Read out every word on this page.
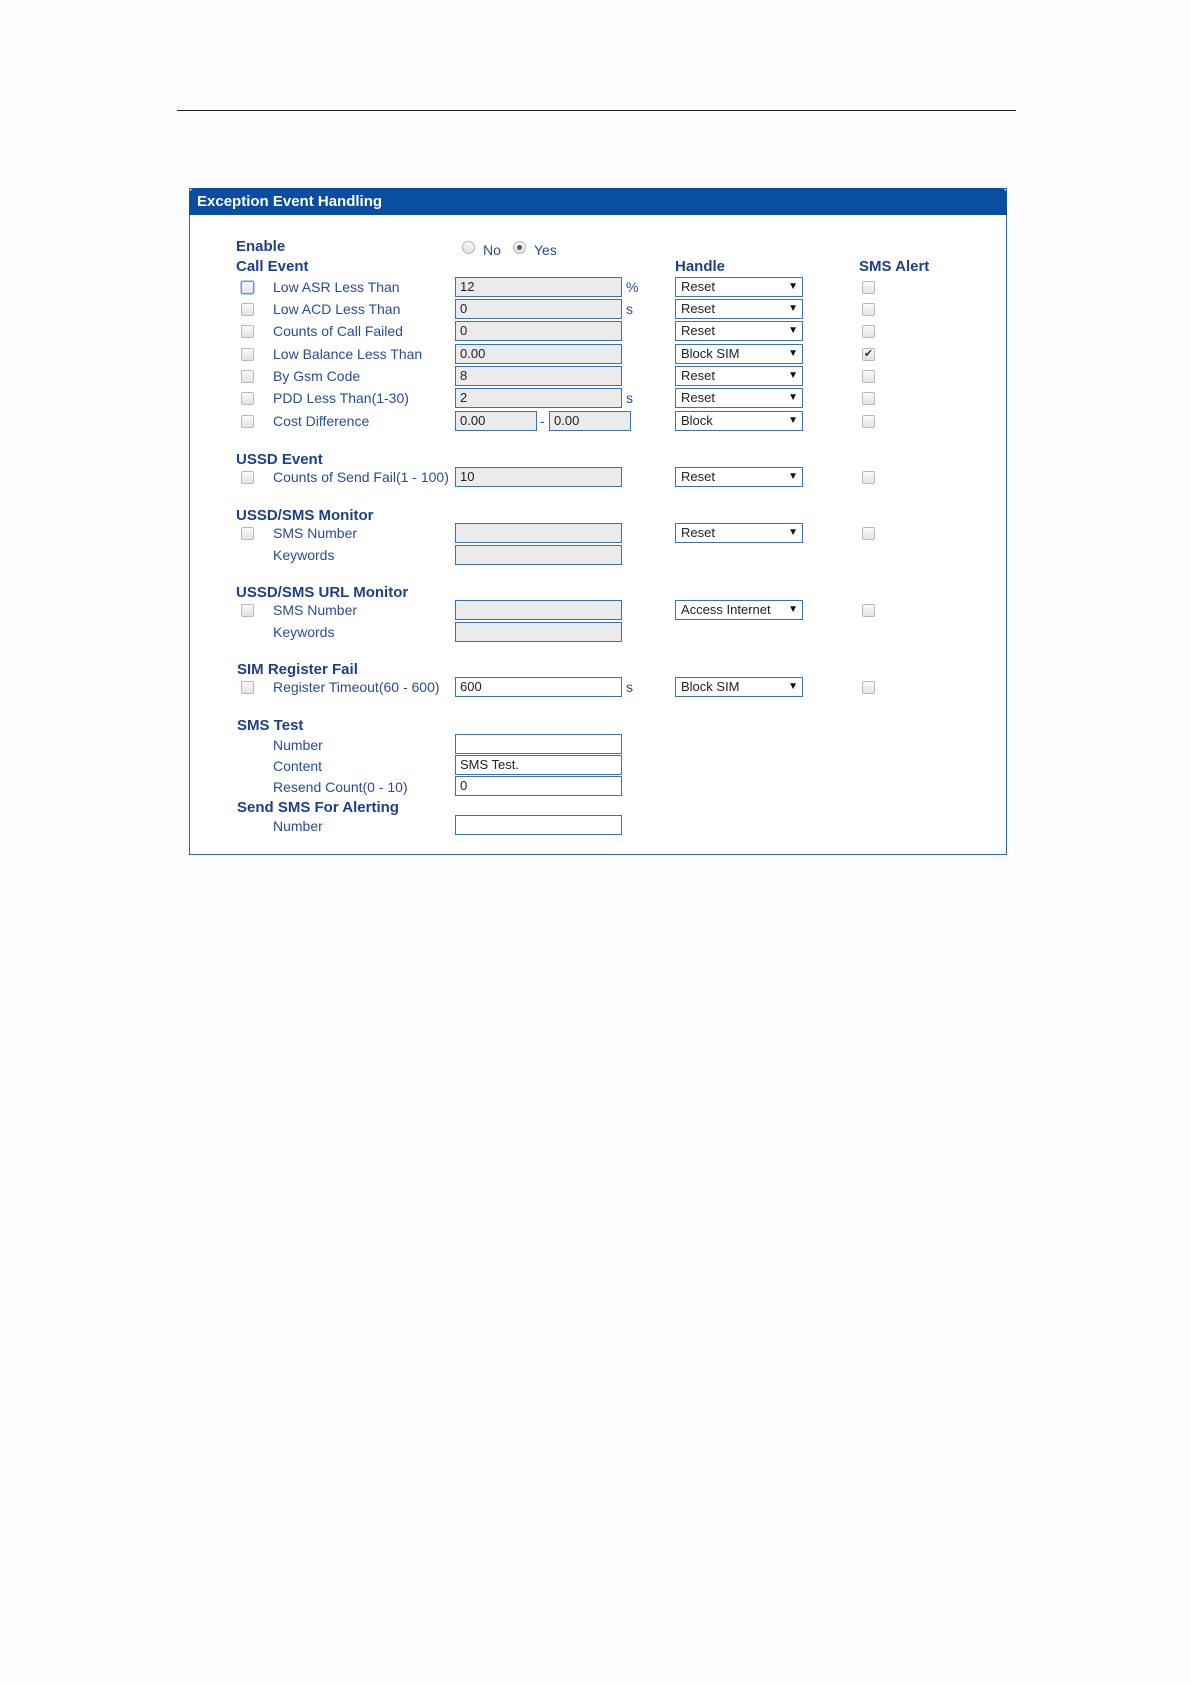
Exception Event Handling
Enable	No Yes
Call Event	Handle	SMS Alert
Low ASR Less Than	12	%	Reset	▼
Low ACD Less Than	0	s	Reset	▼
Counts of Call Failed	0	Reset	▼
Low Balance Less Than	0.00	Block SIM	▼	✔
By Gsm Code	8	Reset	▼
PDD Less Than(1-30)	2	s	Reset	▼
Cost Difference	0.00	- 0.00	Block	▼
USSD Event
Counts of Send Fail(1 - 100) 10	Reset	▼
USSD/SMS Monitor
SMS Number	Reset	▼
Keywords
USSD/SMS URL Monitor
SMS Number	Access Internet ▼
Keywords
SIM Register Fail
Register Timeout(60 - 600)	600	s	Block SIM	▼
SMS Test
Number
Content	SMS Test.
Resend Count(0 - 10)	0
Send SMS For Alerting
Number
